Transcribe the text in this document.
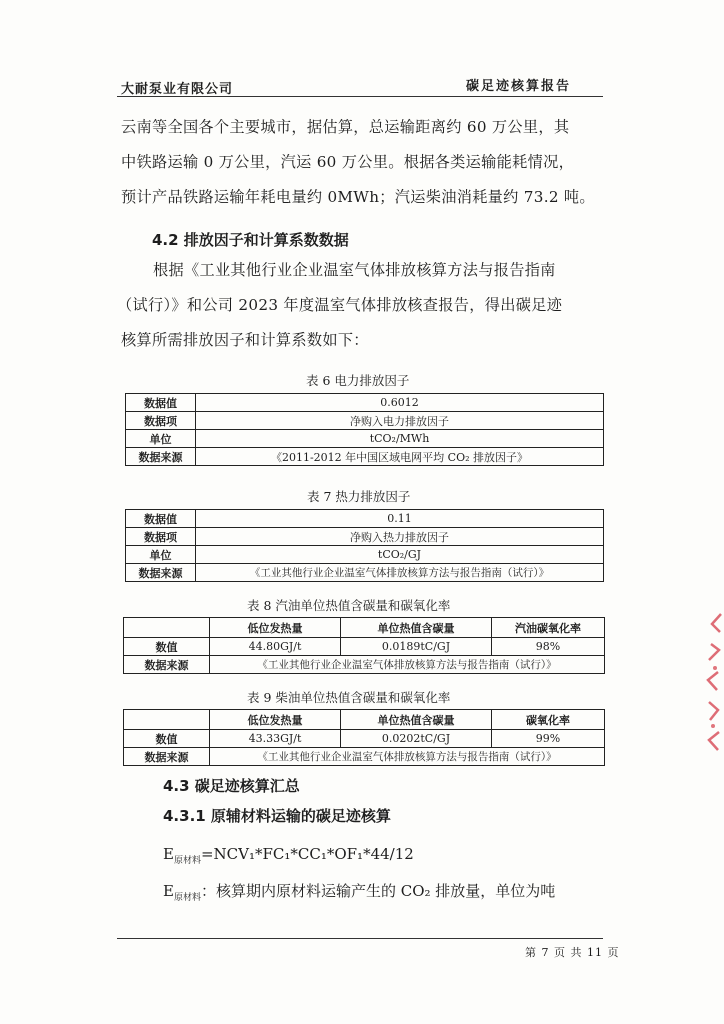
大耐泵业有限公司	碳足迹核算报告
云南等全国各个主要城市，据估算，总运输距离约 60 万公里，其
中铁路运输 0 万公里，汽运 60 万公里。根据各类运输能耗情况，
预计产品铁路运输年耗电量约 0MWh；汽运柴油消耗量约 73.2 吨。
4.2 排放因子和计算系数数据
根据《工业其他行业企业温室气体排放核算方法与报告指南
（试行）》和公司 2023 年度温室气体排放核查报告，得出碳足迹
核算所需排放因子和计算系数如下：
表 6 电力排放因子
数据值	0.6012
数据项	净购入电力排放因子
单位	tCO₂/MWh
数据来源	《2011-2012 年中国区域电网平均 CO₂ 排放因子》
表 7 热力排放因子
数据值	0.11
数据项	净购入热力排放因子
单位	tCO₂/GJ
数据来源	《工业其他行业企业温室气体排放核算方法与报告指南（试行）》
表 8 汽油单位热值含碳量和碳氧化率
	低位发热量	单位热值含碳量	汽油碳氧化率
数值	44.80GJ/t	0.0189tC/GJ	98%
数据来源	《工业其他行业企业温室气体排放核算方法与报告指南（试行）》		
表 9 柴油单位热值含碳量和碳氧化率
	低位发热量	单位热值含碳量	碳氧化率
数值	43.33GJ/t	0.0202tC/GJ	99%
数据来源	《工业其他行业企业温室气体排放核算方法与报告指南（试行）》		
4.3 碳足迹核算汇总
4.3.1 原辅材料运输的碳足迹核算
$E_{原材料}=NCV_1*FC_1*CC_1*OF_1*44/12$
$E_{原材料}$：核算期内原材料运输产生的 CO₂ 排放量，单位为吨
第 7 页 共 11 页
